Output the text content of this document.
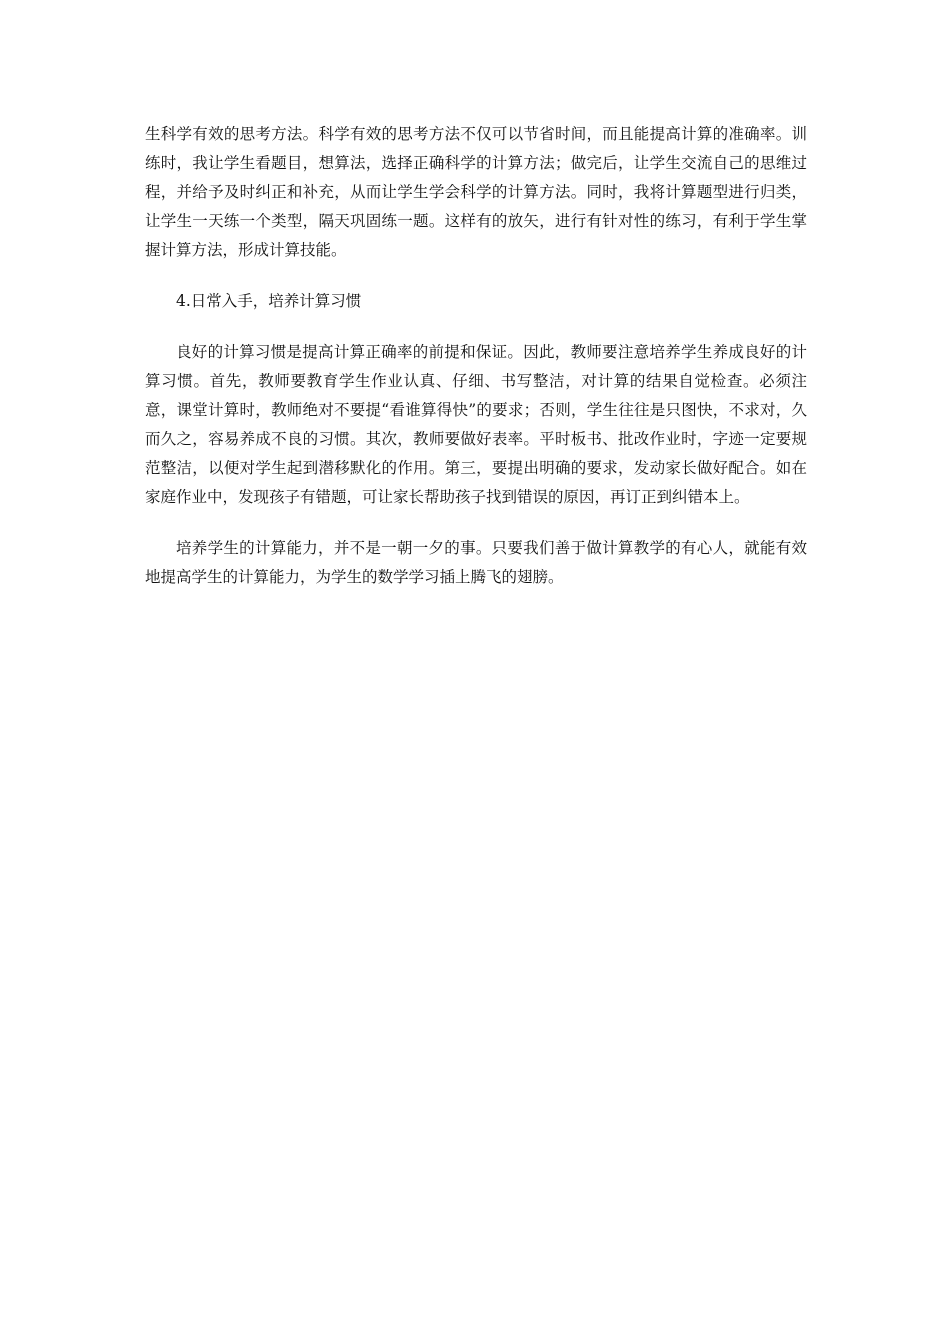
生科学有效的思考方法。科学有效的思考方法不仅可以节省时间，而且能提高计算的准确率。训练时，我让学生看题目，想算法，选择正确科学的计算方法；做完后，让学生交流自己的思维过程，并给予及时纠正和补充，从而让学生学会科学的计算方法。同时，我将计算题型进行归类，让学生一天练一个类型，隔天巩固练一题。这样有的放矢，进行有针对性的练习，有利于学生掌握计算方法，形成计算技能。

4.日常入手，培养计算习惯

良好的计算习惯是提高计算正确率的前提和保证。因此，教师要注意培养学生养成良好的计算习惯。首先，教师要教育学生作业认真、仔细、书写整洁，对计算的结果自觉检查。必须注意，课堂计算时，教师绝对不要提“看谁算得快”的要求；否则，学生往往是只图快，不求对，久而久之，容易养成不良的习惯。其次，教师要做好表率。平时板书、批改作业时，字迹一定要规范整洁，以便对学生起到潜移默化的作用。第三，要提出明确的要求，发动家长做好配合。如在家庭作业中，发现孩子有错题，可让家长帮助孩子找到错误的原因，再订正到纠错本上。

培养学生的计算能力，并不是一朝一夕的事。只要我们善于做计算教学的有心人，就能有效地提高学生的计算能力，为学生的数学学习插上腾飞的翅膀。
